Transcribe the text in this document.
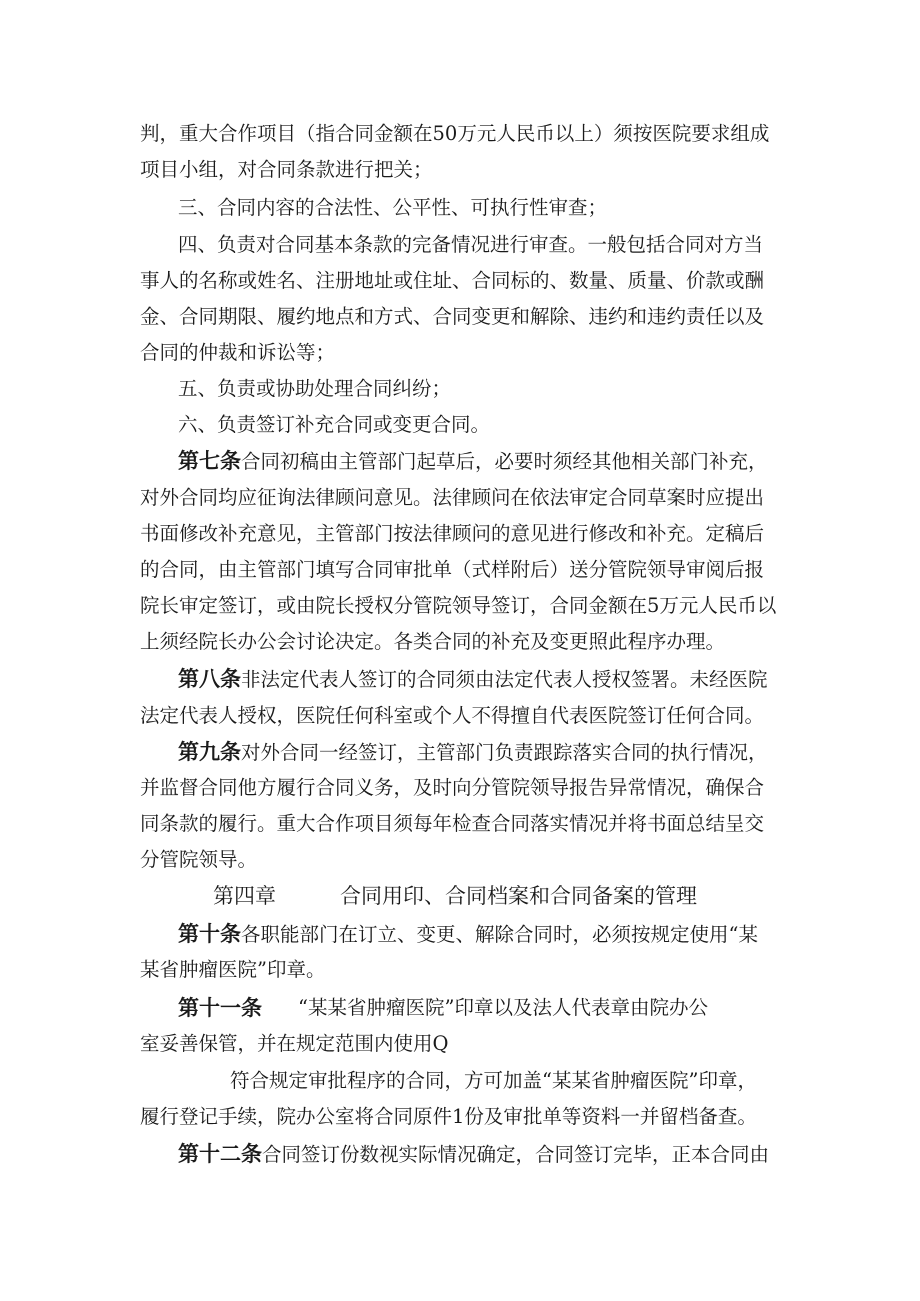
判，重大合作项目（指合同金额在50万元人民币以上）须按医院要求组成
项目小组，对合同条款进行把关；
三、合同内容的合法性、公平性、可执行性审查；
四、负责对合同基本条款的完备情况进行审查。一般包括合同对方当
事人的名称或姓名、注册地址或住址、合同标的、数量、质量、价款或酬
金、合同期限、履约地点和方式、合同变更和解除、违约和违约责任以及
合同的仲裁和诉讼等；
五、负责或协助处理合同纠纷；
六、负责签订补充合同或变更合同。
第七条合同初稿由主管部门起草后，必要时须经其他相关部门补充，
对外合同均应征询法律顾问意见。法律顾问在依法审定合同草案时应提出
书面修改补充意见，主管部门按法律顾问的意见进行修改和补充。定稿后
的合同，由主管部门填写合同审批单（式样附后）送分管院领导审阅后报
院长审定签订，或由院长授权分管院领导签订，合同金额在5万元人民币以
上须经院长办公会讨论决定。各类合同的补充及变更照此程序办理。
第八条非法定代表人签订的合同须由法定代表人授权签署。未经医院
法定代表人授权，医院任何科室或个人不得擅自代表医院签订任何合同。
第九条对外合同一经签订，主管部门负责跟踪落实合同的执行情况，
并监督合同他方履行合同义务，及时向分管院领导报告异常情况，确保合
同条款的履行。重大合作项目须每年检查合同落实情况并将书面总结呈交
分管院领导。
第四章	合同用印、合同档案和合同备案的管理
第十条各职能部门在订立、变更、解除合同时，必须按规定使用“某
某省肿瘤医院”印章。
第十一条 “某某省肿瘤医院”印章以及法人代表章由院办公
室妥善保管，并在规定范围内使用Q
符合规定审批程序的合同，方可加盖“某某省肿瘤医院”印章，
履行登记手续，院办公室将合同原件1份及审批单等资料一并留档备查。
第十二条合同签订份数视实际情况确定，合同签订完毕，正本合同由
